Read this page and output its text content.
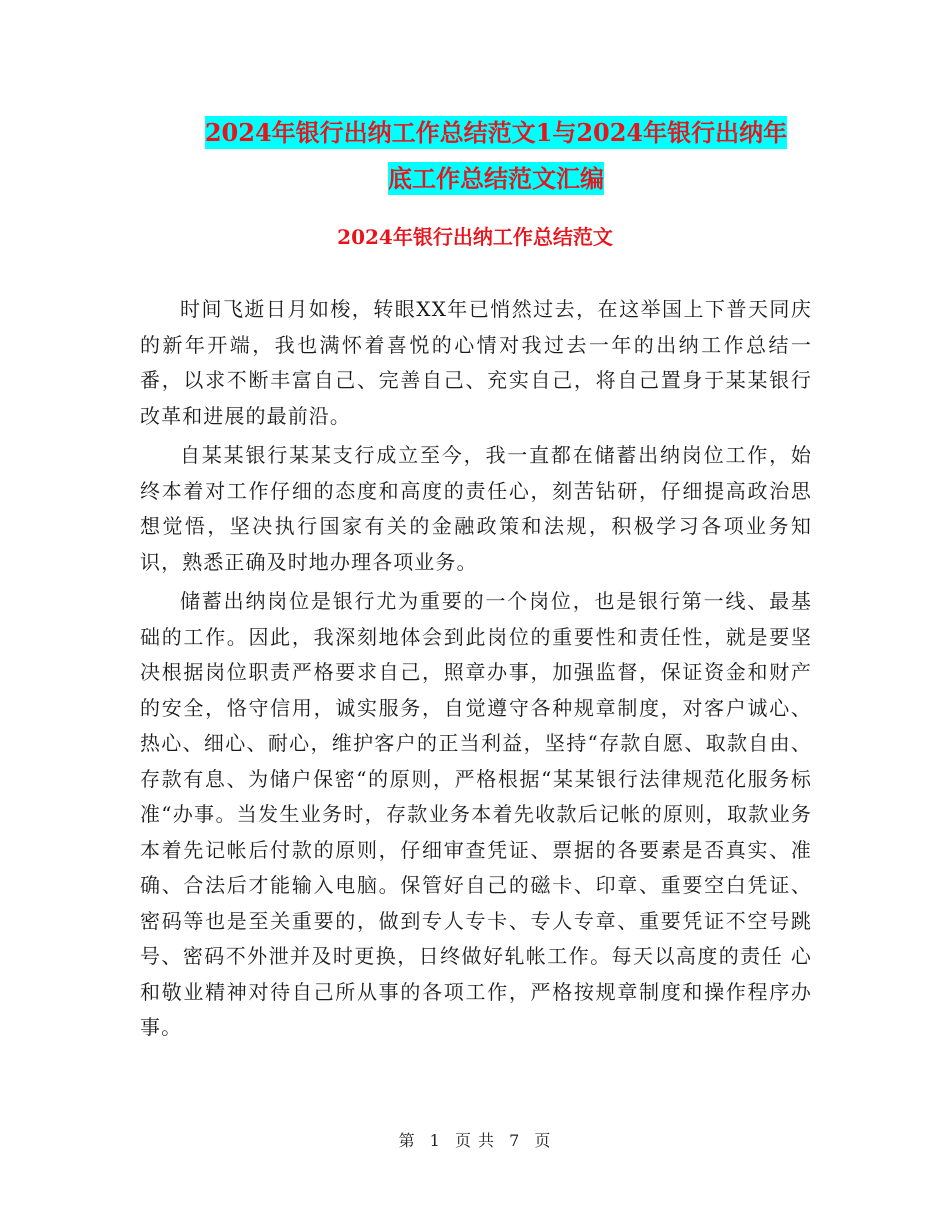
2024年银行出纳工作总结范文1与2024年银行出纳年
底工作总结范文汇编
2024年银行出纳工作总结范文

时间飞逝日月如梭，转眼XX年已悄然过去，在这举国上下普天同庆的新年开端，我也满怀着喜悦的心情对我过去一年的出纳工作总结一番，以求不断丰富自己、完善自己、充实自己，将自己置身于某某银行改革和进展的最前沿。

自某某银行某某支行成立至今，我一直都在储蓄出纳岗位工作，始终本着对工作仔细的态度和高度的责任心，刻苦钻研，仔细提高政治思想觉悟，坚决执行国家有关的金融政策和法规，积极学习各项业务知识，熟悉正确及时地办理各项业务。

储蓄出纳岗位是银行尤为重要的一个岗位，也是银行第一线、最基础的工作。因此，我深刻地体会到此岗位的重要性和责任性，就是要坚决根据岗位职责严格要求自己，照章办事，加强监督，保证资金和财产的安全，恪守信用，诚实服务，自觉遵守各种规章制度，对客户诚心、热心、细心、耐心，维护客户的正当利益，坚持“存款自愿、取款自由、存款有息、为储户保密“的原则，严格根据“某某银行法律规范化服务标准“办事。当发生业务时，存款业务本着先收款后记帐的原则，取款业务本着先记帐后付款的原则，仔细审查凭证、票据的各要素是否真实、准确、合法后才能输入电脑。保管好自己的磁卡、印章、重要空白凭证、密码等也是至关重要的，做到专人专卡、专人专章、重要凭证不空号跳号、密码不外泄并及时更换，日终做好轧帐工作。每天以高度的责任 心和敬业精神对待自己所从事的各项工作，严格按规章制度和操作程序办事。

第 1 页 共 7 页
